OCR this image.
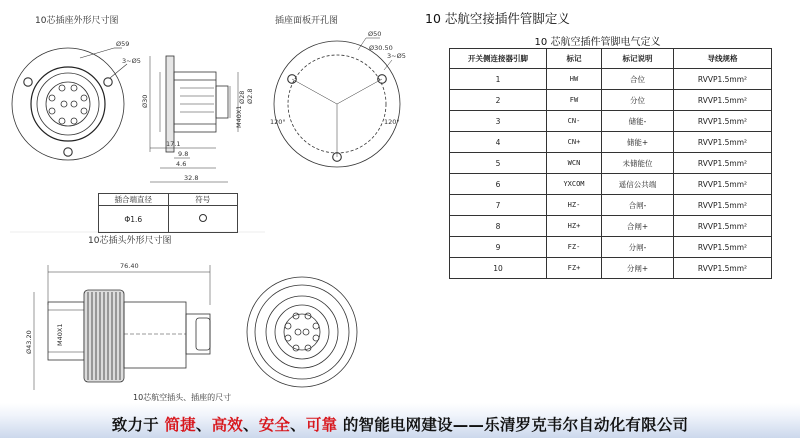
Ø59
3~Ø5
Ø30	Ø28 Ø2.8
M40X1
17.1
9.8
4.6
32.8
Ø50
Ø30.50
3~Ø5
120°	120°
76.40
Ø43.20	M40X1
10芯插座外形尺寸图	插座面板开孔图
10芯插头外形尺寸图
10芯航空插头、插座的尺寸
插合端直径	符号
Φ1.6	
10 芯航空接插件管脚定义
10 芯航空插件管脚电气定义
开关侧连接器引脚	标记	标记说明	导线规格
1	HW	合位	RVVP1.5mm²
2	FW	分位	RVVP1.5mm²
3	CN-	储能-	RVVP1.5mm²
4	CN+	储能+	RVVP1.5mm²
5	WCN	未储能位	RVVP1.5mm²
6	YXCOM	遥信公共端	RVVP1.5mm²
7	HZ-	合闸-	RVVP1.5mm²
8	HZ+	合闸+	RVVP1.5mm²
9	FZ-	分闸-	RVVP1.5mm²
10	FZ+	分闸+	RVVP1.5mm²
致力于 简捷、高效、安全、可靠 的智能电网建设——乐清罗克韦尔自动化有限公司
